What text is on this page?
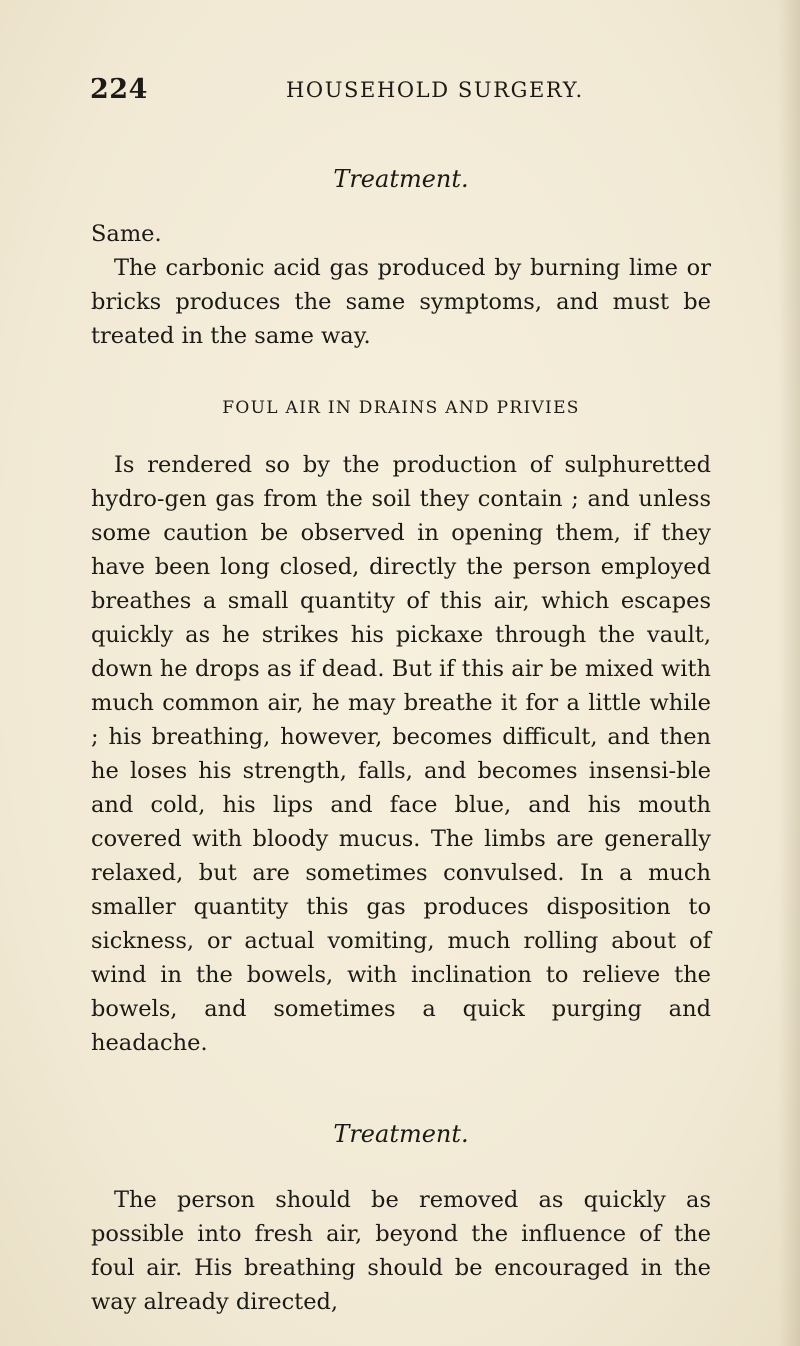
224	HOUSEHOLD SURGERY.

Treatment.

Same.

The carbonic acid gas produced by burning lime or bricks produces the same symptoms, and must be treated in the same way.

FOUL AIR IN DRAINS AND PRIVIES

Is rendered so by the production of sulphuretted hydro-gen gas from the soil they contain ; and unless some caution be observed in opening them, if they have been long closed, directly the person employed breathes a small quantity of this air, which escapes quickly as he strikes his pickaxe through the vault, down he drops as if dead. But if this air be mixed with much common air, he may breathe it for a little while ; his breathing, however, becomes difficult, and then he loses his strength, falls, and becomes insensi-ble and cold, his lips and face blue, and his mouth covered with bloody mucus. The limbs are generally relaxed, but are sometimes convulsed. In a much smaller quantity this gas produces disposition to sickness, or actual vomiting, much rolling about of wind in the bowels, with inclination to relieve the bowels, and sometimes a quick purging and headache.

Treatment.

The person should be removed as quickly as possible into fresh air, beyond the influence of the foul air. His breathing should be encouraged in the way already directed,
